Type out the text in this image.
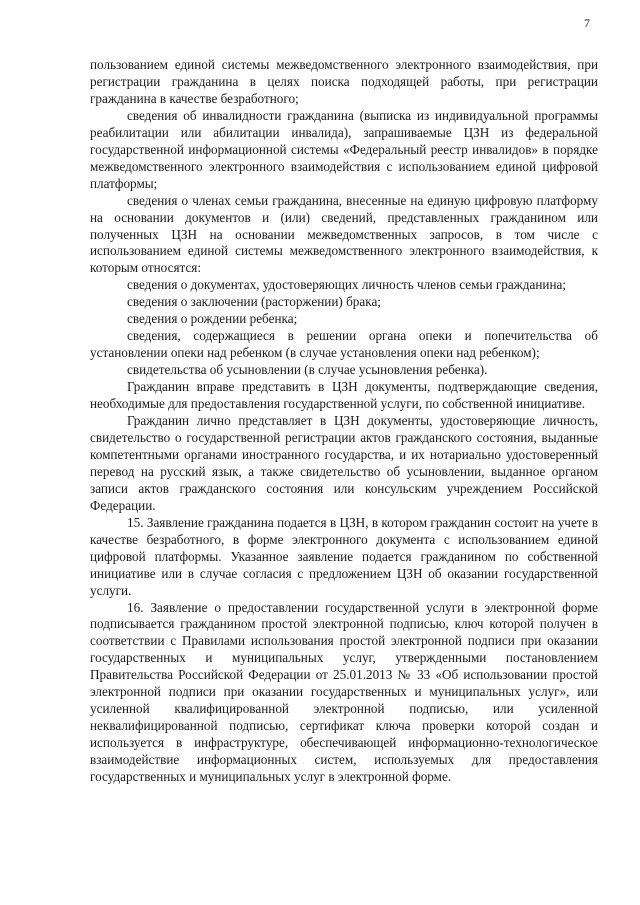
7

пользованием единой системы межведомственного электронного взаимодействия, при регистрации гражданина в целях поиска подходящей работы, при регистрации гражданина в качестве безработного;

сведения об инвалидности гражданина (выписка из индивидуальной программы реабилитации или абилитации инвалида), запрашиваемые ЦЗН из федеральной государственной информационной системы «Федеральный реестр инвалидов» в порядке межведомственного электронного взаимодействия с использованием единой цифровой платформы;

сведения о членах семьи гражданина, внесенные на единую цифровую платформу на основании документов и (или) сведений, представленных гражданином или полученных ЦЗН на основании межведомственных запросов, в том числе с использованием единой системы межведомственного электронного взаимодействия, к которым относятся:

сведения о документах, удостоверяющих личность членов семьи гражданина;

сведения о заключении (расторжении) брака;

сведения о рождении ребенка;

сведения, содержащиеся в решении органа опеки и попечительства об установлении опеки над ребенком (в случае установления опеки над ребенком);

свидетельства об усыновлении (в случае усыновления ребенка).

Гражданин вправе представить в ЦЗН документы, подтверждающие сведения, необходимые для предоставления государственной услуги, по собственной инициативе.

Гражданин лично представляет в ЦЗН документы, удостоверяющие личность, свидетельство о государственной регистрации актов гражданского состояния, выданные компетентными органами иностранного государства, и их нотариально удостоверенный перевод на русский язык, а также свидетельство об усыновлении, выданное органом записи актов гражданского состояния или консульским учреждением Российской Федерации.

15. Заявление гражданина подается в ЦЗН, в котором гражданин состоит на учете в качестве безработного, в форме электронного документа с использованием единой цифровой платформы. Указанное заявление подается гражданином по собственной инициативе или в случае согласия с предложением ЦЗН об оказании государственной услуги.

16. Заявление о предоставлении государственной услуги в электронной форме подписывается гражданином простой электронной подписью, ключ которой получен в соответствии с Правилами использования простой электронной подписи при оказании государственных и муниципальных услуг, утвержденными постановлением Правительства Российской Федерации от 25.01.2013 № 33 «Об использовании простой электронной подписи при оказании государственных и муниципальных услуг», или усиленной квалифицированной электронной подписью, или усиленной неквалифицированной подписью, сертификат ключа проверки которой создан и используется в инфраструктуре, обеспечивающей информационно-технологическое взаимодействие информационных систем, используемых для предоставления государственных и муниципальных услуг в электронной форме.
